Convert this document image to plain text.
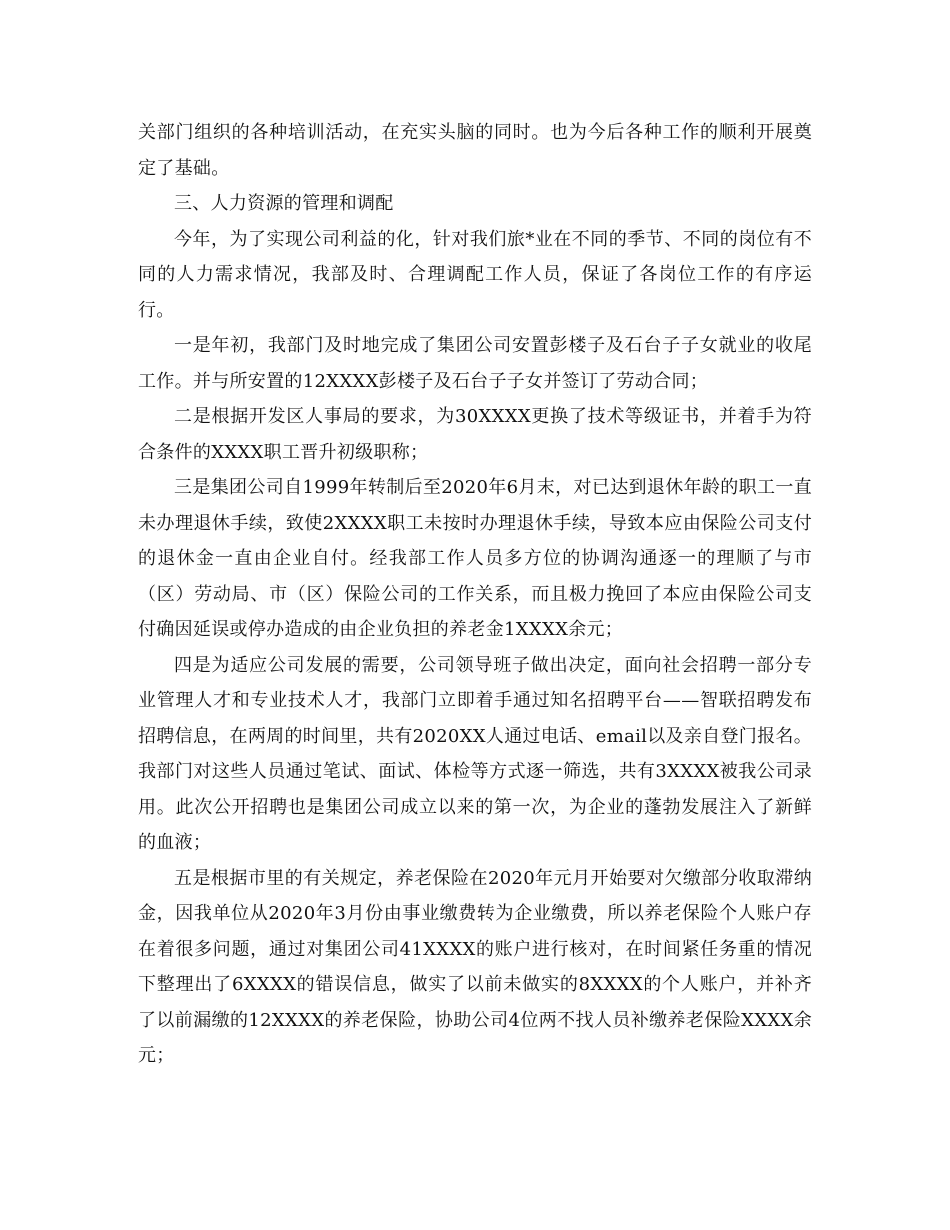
关部门组织的各种培训活动，在充实头脑的同时。也为今后各种工作的顺利开展奠定了基础。

三、人力资源的管理和调配

今年，为了实现公司利益的化，针对我们旅*业在不同的季节、不同的岗位有不同的人力需求情况，我部及时、合理调配工作人员，保证了各岗位工作的有序运行。

一是年初，我部门及时地完成了集团公司安置彭楼子及石台子子女就业的收尾工作。并与所安置的12XXXX彭楼子及石台子子女并签订了劳动合同；

二是根据开发区人事局的要求，为30XXXX更换了技术等级证书，并着手为符合条件的XXXX职工晋升初级职称；

三是集团公司自1999年转制后至2020年6月末，对已达到退休年龄的职工一直未办理退休手续，致使2XXXX职工未按时办理退休手续，导致本应由保险公司支付的退休金一直由企业自付。经我部工作人员多方位的协调沟通逐一的理顺了与市（区）劳动局、市（区）保险公司的工作关系，而且极力挽回了本应由保险公司支付确因延误或停办造成的由企业负担的养老金1XXXX余元；

四是为适应公司发展的需要，公司领导班子做出决定，面向社会招聘一部分专业管理人才和专业技术人才，我部门立即着手通过知名招聘平台——智联招聘发布招聘信息，在两周的时间里，共有2020XX人通过电话、email以及亲自登门报名。我部门对这些人员通过笔试、面试、体检等方式逐一筛选，共有3XXXX被我公司录用。此次公开招聘也是集团公司成立以来的第一次，为企业的蓬勃发展注入了新鲜的血液；

五是根据市里的有关规定，养老保险在2020年元月开始要对欠缴部分收取滞纳金，因我单位从2020年3月份由事业缴费转为企业缴费，所以养老保险个人账户存在着很多问题，通过对集团公司41XXXX的账户进行核对，在时间紧任务重的情况下整理出了6XXXX的错误信息，做实了以前未做实的8XXXX的个人账户，并补齐了以前漏缴的12XXXX的养老保险，协助公司4位两不找人员补缴养老保险XXXX余元；
